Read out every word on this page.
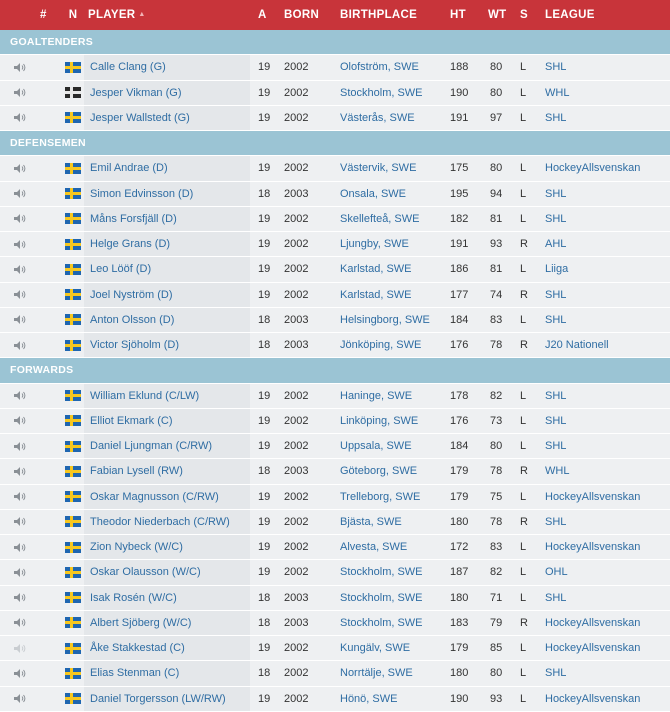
	#	N	PLAYER ▲	A	BORN	BIRTHPLACE	HT	WT	S	LEAGUE
GOALTENDERS										
			Calle Clang (G)	19	2002	Olofström, SWE	188	80	L	SHL
			Jesper Vikman (G)	19	2002	Stockholm, SWE	190	80	L	WHL
			Jesper Wallstedt (G)	19	2002	Västerås, SWE	191	97	L	SHL
DEFENSEMEN										
			Emil Andrae (D)	19	2002	Västervik, SWE	175	80	L	HockeyAllsvenskan
			Simon Edvinsson (D)	18	2003	Onsala, SWE	195	94	L	SHL
			Måns Forsfjäll (D)	19	2002	Skellefteå, SWE	182	81	L	SHL
			Helge Grans (D)	19	2002	Ljungby, SWE	191	93	R	AHL
			Leo Lööf (D)	19	2002	Karlstad, SWE	186	81	L	Liiga
			Joel Nyström (D)	19	2002	Karlstad, SWE	177	74	R	SHL
			Anton Olsson (D)	18	2003	Helsingborg, SWE	184	83	L	SHL
			Victor Sjöholm (D)	18	2003	Jönköping, SWE	176	78	R	J20 Nationell
FORWARDS										
			William Eklund (C/LW)	19	2002	Haninge, SWE	178	82	L	SHL
			Elliot Ekmark (C)	19	2002	Linköping, SWE	176	73	L	SHL
			Daniel Ljungman (C/RW)	19	2002	Uppsala, SWE	184	80	L	SHL
			Fabian Lysell (RW)	18	2003	Göteborg, SWE	179	78	R	WHL
			Oskar Magnusson (C/RW)	19	2002	Trelleborg, SWE	179	75	L	HockeyAllsvenskan
			Theodor Niederbach (C/RW)	19	2002	Bjästa, SWE	180	78	R	SHL
			Zion Nybeck (W/C)	19	2002	Alvesta, SWE	172	83	L	HockeyAllsvenskan
			Oskar Olausson (W/C)	19	2002	Stockholm, SWE	187	82	L	OHL
			Isak Rosén (W/C)	18	2003	Stockholm, SWE	180	71	L	SHL
			Albert Sjöberg (W/C)	18	2003	Stockholm, SWE	183	79	R	HockeyAllsvenskan
			Åke Stakkestad (C)	19	2002	Kungälv, SWE	179	85	L	HockeyAllsvenskan
			Elias Stenman (C)	18	2002	Norrtälje, SWE	180	80	L	SHL
			Daniel Torgersson (LW/RW)	19	2002	Hönö, SWE	190	93	L	HockeyAllsvenskan
